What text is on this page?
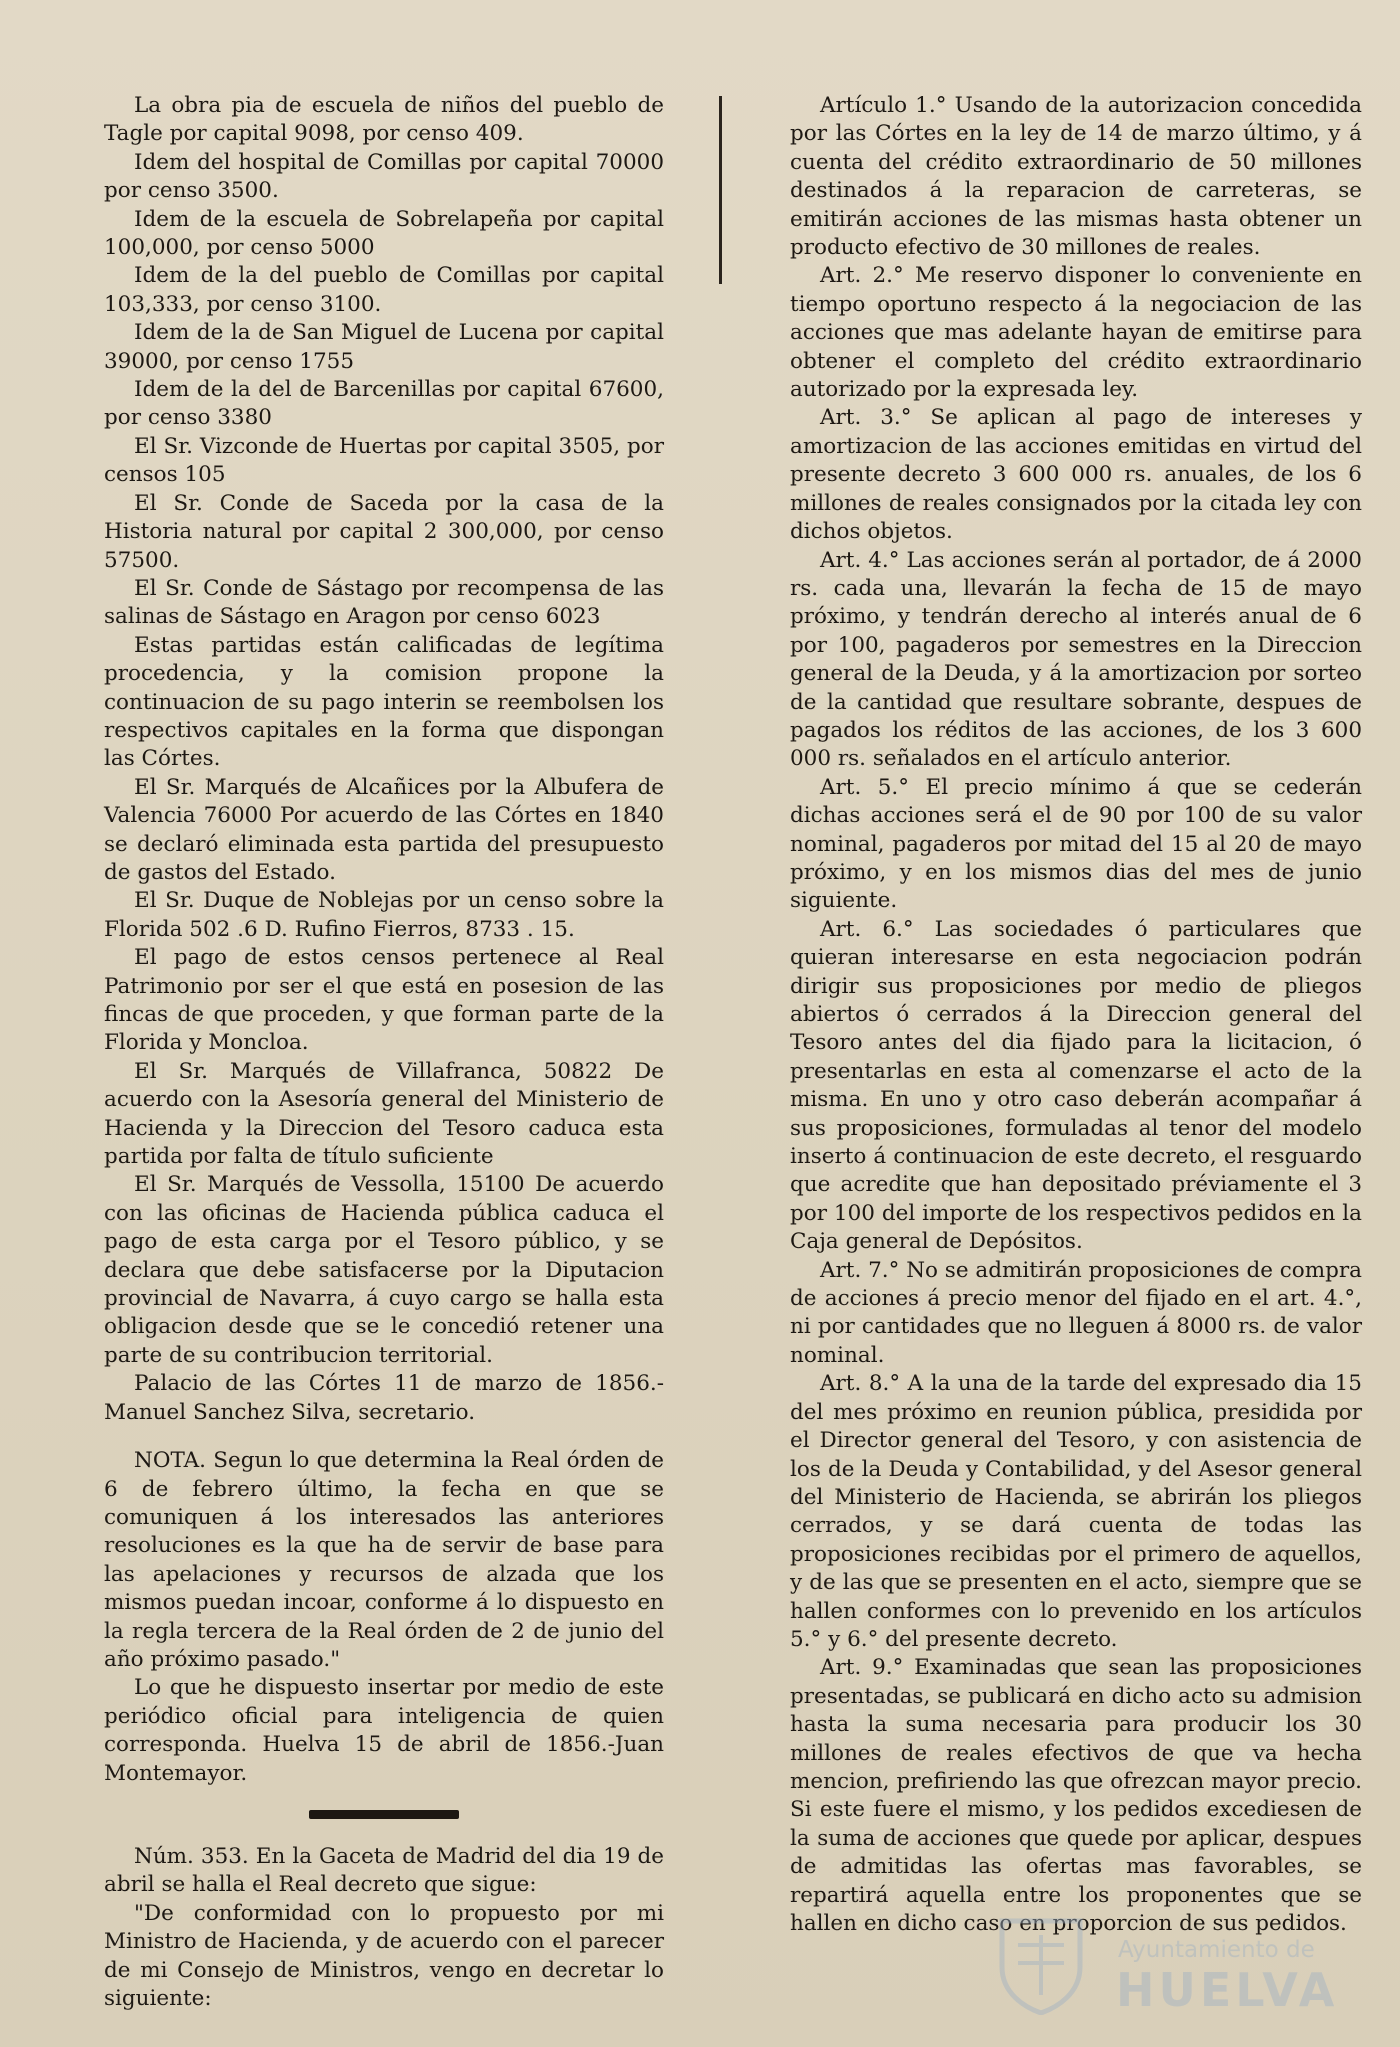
La obra pia de escuela de niños del pueblo de Tagle por capital 9098, por censo 409.

Idem del hospital de Comillas por capital 70000 por censo 3500.

Idem de la escuela de Sobrelapeña por capital 100,000, por censo 5000

Idem de la del pueblo de Comillas por capital 103,333, por censo 3100.

Idem de la de San Miguel de Lucena por capital 39000, por censo 1755

Idem de la del de Barcenillas por capital 67600, por censo 3380

El Sr. Vizconde de Huertas por capital 3505, por censos 105

El Sr. Conde de Saceda por la casa de la Historia natural por capital 2 300,000, por censo 57500.

El Sr. Conde de Sástago por recompensa de las salinas de Sástago en Aragon por censo 6023

Estas partidas están calificadas de legítima procedencia, y la comision propone la continuacion de su pago interin se reembolsen los respectivos capitales en la forma que dispongan las Córtes.

El Sr. Marqués de Alcañices por la Albufera de Valencia 76000 Por acuerdo de las Córtes en 1840 se declaró eliminada esta partida del presupuesto de gastos del Estado.

El Sr. Duque de Noblejas por un censo sobre la Florida 502 .6 D. Rufino Fierros, 8733 . 15.

El pago de estos censos pertenece al Real Patrimonio por ser el que está en posesion de las fincas de que proceden, y que forman parte de la Florida y Moncloa.

El Sr. Marqués de Villafranca, 50822 De acuerdo con la Asesoría general del Ministerio de Hacienda y la Direccion del Tesoro caduca esta partida por falta de título suficiente

El Sr. Marqués de Vessolla, 15100 De acuerdo con las oficinas de Hacienda pública caduca el pago de esta carga por el Tesoro público, y se declara que debe satisfacerse por la Diputacion provincial de Navarra, á cuyo cargo se halla esta obligacion desde que se le concedió retener una parte de su contribucion territorial.

Palacio de las Córtes 11 de marzo de 1856.-Manuel Sanchez Silva, secretario.

NOTA. Segun lo que determina la Real órden de 6 de febrero último, la fecha en que se comuniquen á los interesados las anteriores resoluciones es la que ha de servir de base para las apelaciones y recursos de alzada que los mismos puedan incoar, conforme á lo dispuesto en la regla tercera de la Real órden de 2 de junio del año próximo pasado."

Lo que he dispuesto insertar por medio de este periódico oficial para inteligencia de quien corresponda. Huelva 15 de abril de 1856.-Juan Montemayor.

Núm. 353. En la Gaceta de Madrid del dia 19 de abril se halla el Real decreto que sigue:

"De conformidad con lo propuesto por mi Ministro de Hacienda, y de acuerdo con el parecer de mi Consejo de Ministros, vengo en decretar lo siguiente:

Artículo 1.° Usando de la autorizacion concedida por las Córtes en la ley de 14 de marzo último, y á cuenta del crédito extraordinario de 50 millones destinados á la reparacion de carreteras, se emitirán acciones de las mismas hasta obtener un producto efectivo de 30 millones de reales.

Art. 2.° Me reservo disponer lo conveniente en tiempo oportuno respecto á la negociacion de las acciones que mas adelante hayan de emitirse para obtener el completo del crédito extraordinario autorizado por la expresada ley.

Art. 3.° Se aplican al pago de intereses y amortizacion de las acciones emitidas en virtud del presente decreto 3 600 000 rs. anuales, de los 6 millones de reales consignados por la citada ley con dichos objetos.

Art. 4.° Las acciones serán al portador, de á 2000 rs. cada una, llevarán la fecha de 15 de mayo próximo, y tendrán derecho al interés anual de 6 por 100, pagaderos por semestres en la Direccion general de la Deuda, y á la amortizacion por sorteo de la cantidad que resultare sobrante, despues de pagados los réditos de las acciones, de los 3 600 000 rs. señalados en el artículo anterior.

Art. 5.° El precio mínimo á que se cederán dichas acciones será el de 90 por 100 de su valor nominal, pagaderos por mitad del 15 al 20 de mayo próximo, y en los mismos dias del mes de junio siguiente.

Art. 6.° Las sociedades ó particulares que quieran interesarse en esta negociacion podrán dirigir sus proposiciones por medio de pliegos abiertos ó cerrados á la Direccion general del Tesoro antes del dia fijado para la licitacion, ó presentarlas en esta al comenzarse el acto de la misma. En uno y otro caso deberán acompañar á sus proposiciones, formuladas al tenor del modelo inserto á continuacion de este decreto, el resguardo que acredite que han depositado préviamente el 3 por 100 del importe de los respectivos pedidos en la Caja general de Depósitos.

Art. 7.° No se admitirán proposiciones de compra de acciones á precio menor del fijado en el art. 4.°, ni por cantidades que no lleguen á 8000 rs. de valor nominal.

Art. 8.° A la una de la tarde del expresado dia 15 del mes próximo en reunion pública, presidida por el Director general del Tesoro, y con asistencia de los de la Deuda y Contabilidad, y del Asesor general del Ministerio de Hacienda, se abrirán los pliegos cerrados, y se dará cuenta de todas las proposiciones recibidas por el primero de aquellos, y de las que se presenten en el acto, siempre que se hallen conformes con lo prevenido en los artículos 5.° y 6.° del presente decreto.

Art. 9.° Examinadas que sean las proposiciones presentadas, se publicará en dicho acto su admision hasta la suma necesaria para producir los 30 millones de reales efectivos de que va hecha mencion, prefiriendo las que ofrezcan mayor precio. Si este fuere el mismo, y los pedidos excediesen de la suma de acciones que quede por aplicar, despues de admitidas las ofertas mas favorables, se repartirá aquella entre los proponentes que se hallen en dicho caso en proporcion de sus pedidos.

Ayuntamiento de
HUELVA
